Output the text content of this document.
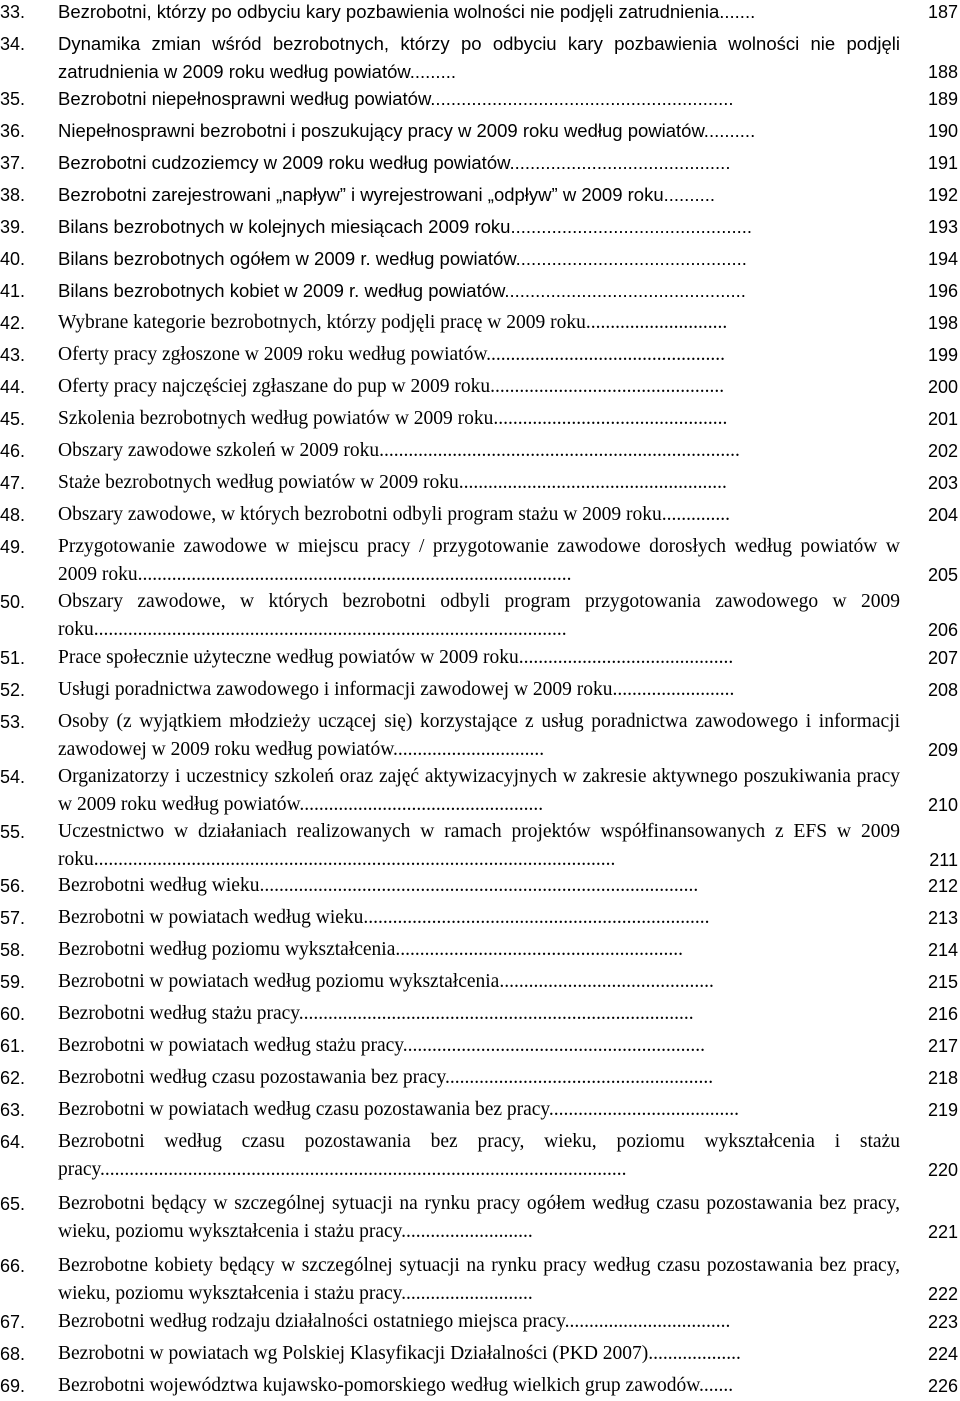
33. Bezrobotni, którzy po odbyciu kary pozbawienia wolności nie podjęli zatrudnienia.......	187
34. Dynamika zmian wśród bezrobotnych, którzy po odbyciu kary pozbawienia wolności nie podjęli zatrudnienia w 2009 roku według powiatów.........	188
35. Bezrobotni niepełnosprawni według powiatów...........................................................	189
36. Niepełnosprawni bezrobotni i poszukujący pracy w 2009 roku według powiatów..........	190
37. Bezrobotni cudzoziemcy w 2009 roku według powiatów...........................................	191
38. Bezrobotni zarejestrowani „napływ” i wyrejestrowani „odpływ” w 2009 roku..........	192
39. Bilans bezrobotnych w kolejnych miesiącach 2009 roku...............................................	193
40. Bilans bezrobotnych ogółem w 2009 r. według powiatów.............................................	194
41. Bilans bezrobotnych kobiet w 2009 r. według powiatów...............................................	196
42. Wybrane kategorie bezrobotnych, którzy podjęli pracę w 2009 roku.............................	198
43. Oferty pracy zgłoszone w 2009 roku według powiatów.................................................	199
44. Oferty pracy najczęściej zgłaszane do pup w 2009 roku................................................	200
45. Szkolenia bezrobotnych według powiatów w 2009 roku................................................	201
46. Obszary zawodowe szkoleń w 2009 roku..........................................................................	202
47. Staże bezrobotnych według powiatów w 2009 roku.......................................................	203
48. Obszary zawodowe, w których bezrobotni odbyli program stażu w 2009 roku..............	204
49. Przygotowanie zawodowe w miejscu pracy / przygotowanie zawodowe dorosłych według powiatów w 2009 roku.........................................................................................	205
50. Obszary zawodowe, w których bezrobotni odbyli program przygotowania zawodowego w 2009 roku.................................................................................................	206
51. Prace społecznie użyteczne według powiatów w 2009 roku............................................	207
52. Usługi poradnictwa zawodowego i informacji zawodowej w 2009 roku.........................	208
53. Osoby (z wyjątkiem młodzieży uczącej się) korzystające z usług poradnictwa zawodowego i informacji zawodowej w 2009 roku według powiatów...............................	209
54. Organizatorzy i uczestnicy szkoleń oraz zajęć aktywizacyjnych w zakresie aktywnego poszukiwania pracy w 2009 roku według powiatów..................................................	210
55. Uczestnictwo w działaniach realizowanych w ramach projektów współfinansowanych z EFS w 2009 roku...........................................................................................................	211
56. Bezrobotni według wieku..........................................................................................	212
57. Bezrobotni w powiatach według wieku.......................................................................	213
58. Bezrobotni według poziomu wykształcenia...........................................................	214
59. Bezrobotni w powiatach według poziomu wykształcenia............................................	215
60. Bezrobotni według stażu pracy.................................................................................	216
61. Bezrobotni w powiatach według stażu pracy..............................................................	217
62. Bezrobotni według czasu pozostawania bez pracy.......................................................	218
63. Bezrobotni w powiatach według czasu pozostawania bez pracy.......................................	219
64. Bezrobotni według czasu pozostawania bez pracy, wieku, poziomu wykształcenia i stażu pracy............................................................................................................	220
65. Bezrobotni będący w szczególnej sytuacji na rynku pracy ogółem według czasu pozostawania bez pracy, wieku, poziomu wykształcenia i stażu pracy...........................	221
66. Bezrobotne kobiety będący w szczególnej sytuacji na rynku pracy według czasu pozostawania bez pracy, wieku, poziomu wykształcenia i stażu pracy...........................	222
67. Bezrobotni według rodzaju działalności ostatniego miejsca pracy..................................	223
68. Bezrobotni w powiatach wg Polskiej Klasyfikacji Działalności (PKD 2007)...................	224
69. Bezrobotni województwa kujawsko-pomorskiego według wielkich grup zawodów.......	226
